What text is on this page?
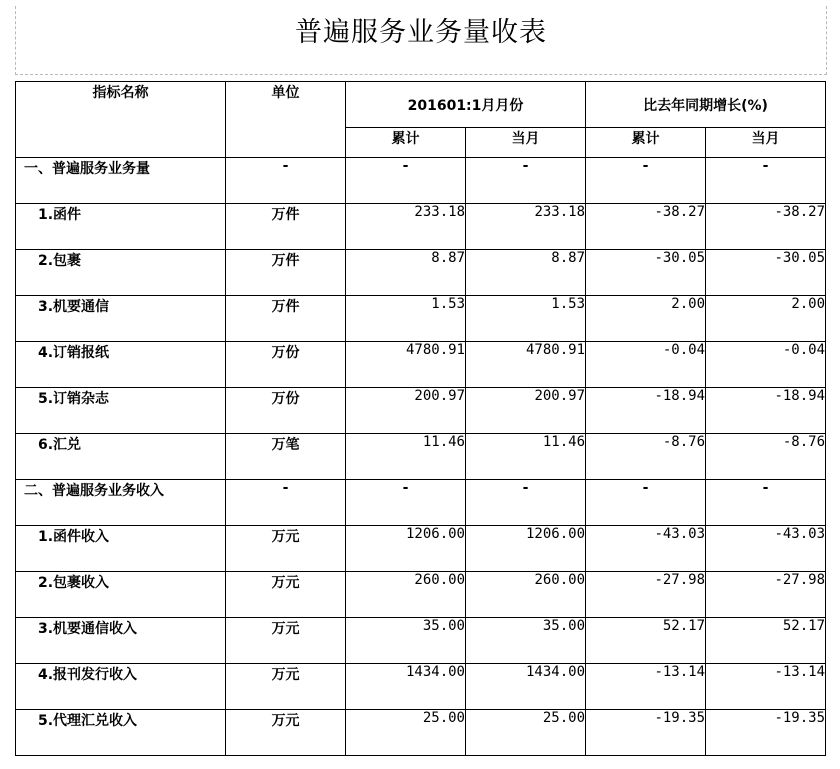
普遍服务业务量收表
指标名称	单位	201601:1月月份		比去年同期增长(%)	
		累计	当月	累计	当月
一、普遍服务业务量	-	-	-	-	-
1.函件	万件	233.18	233.18	-38.27	-38.27
2.包裹	万件	8.87	8.87	-30.05	-30.05
3.机要通信	万件	1.53	1.53	2.00	2.00
4.订销报纸	万份	4780.91	4780.91	-0.04	-0.04
5.订销杂志	万份	200.97	200.97	-18.94	-18.94
6.汇兑	万笔	11.46	11.46	-8.76	-8.76
二、普遍服务业务收入	-	-	-	-	-
1.函件收入	万元	1206.00	1206.00	-43.03	-43.03
2.包裹收入	万元	260.00	260.00	-27.98	-27.98
3.机要通信收入	万元	35.00	35.00	52.17	52.17
4.报刊发行收入	万元	1434.00	1434.00	-13.14	-13.14
5.代理汇兑收入	万元	25.00	25.00	-19.35	-19.35
